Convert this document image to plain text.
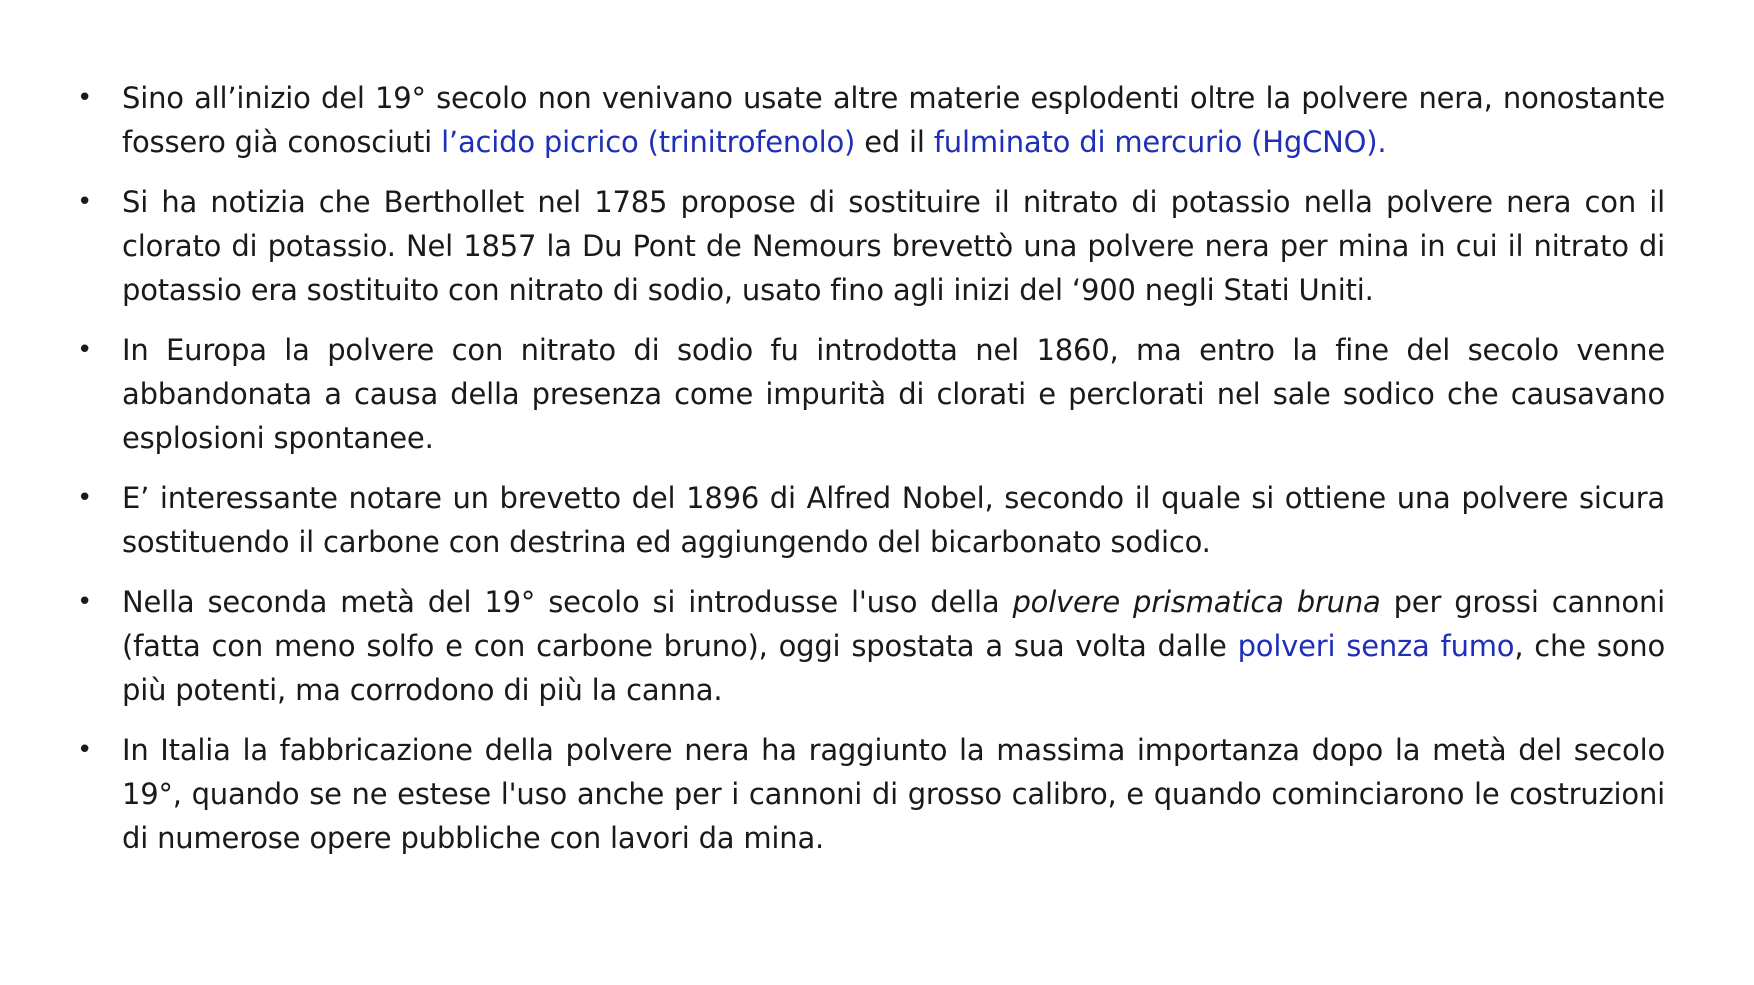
• Sino all’inizio del 19° secolo non venivano usate altre materie esplodenti oltre la polvere nera, nonostante fossero già conosciuti l’acido picrico (trinitrofenolo) ed il fulminato di mercurio (HgCNO).
• Si ha notizia che Berthollet nel 1785 propose di sostituire il nitrato di potassio nella polvere nera con il clorato di potassio. Nel 1857 la Du Pont de Nemours brevettò una polvere nera per mina in cui il nitrato di potassio era sostituito con nitrato di sodio, usato fino agli inizi del ‘900 negli Stati Uniti.
• In Europa la polvere con nitrato di sodio fu introdotta nel 1860, ma entro la fine del secolo venne abbandonata a causa della presenza come impurità di clorati e perclorati nel sale sodico che causavano esplosioni spontanee.
• E’ interessante notare un brevetto del 1896 di Alfred Nobel, secondo il quale si ottiene una polvere sicura sostituendo il carbone con destrina ed aggiungendo del bicarbonato sodico.
• Nella seconda metà del 19° secolo si introdusse l'uso della polvere prismatica bruna per grossi cannoni (fatta con meno solfo e con carbone bruno), oggi spostata a sua volta dalle polveri senza fumo, che sono più potenti, ma corrodono di più la canna.
• In Italia la fabbricazione della polvere nera ha raggiunto la massima importanza dopo la metà del secolo 19°, quando se ne estese l'uso anche per i cannoni di grosso calibro, e quando cominciarono le costruzioni di numerose opere pubbliche con lavori da mina.
